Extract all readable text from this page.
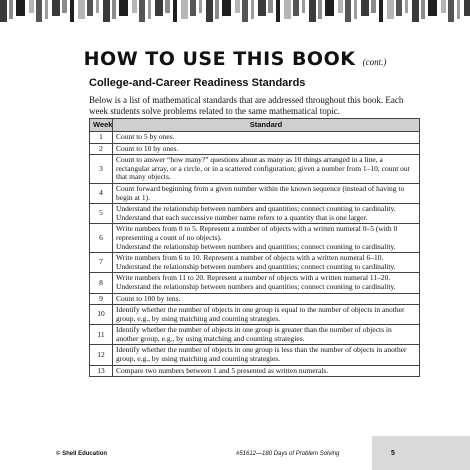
HOW TO USE THIS BOOK (cont.)
College-and-Career Readiness Standards
Below is a list of mathematical standards that are addressed throughout this book. Each week students solve problems related to the same mathematical topic.
Week	Standard
1	Count to 5 by ones.

2	Count to 10 by ones.

3	Count to answer “how many?” questions about as many as 10 things arranged in a line, a rectangular array, or a circle, or in a scattered configuration; given a number from 1–10, count out that many objects.

4	Count forward beginning from a given number within the known sequence (instead of having to begin at 1).

5	Understand the relationship between numbers and quantities; connect counting to cardinality.
Understand that each successive number name refers to a quantity that is one larger.

6	Write numbers from 0 to 5. Represent a number of objects with a written numeral 0–5 (with 0 representing a count of no objects).
Understand the relationship between numbers and quantities; connect counting to cardinality.

7	Write numbers from 6 to 10. Represent a number of objects with a written numeral 6–10.
Understand the relationship between numbers and quantities; connect counting to cardinality.

8	Write numbers from 11 to 20. Represent a number of objects with a written numeral 11–20.
Understand the relationship between numbers and quantities; connect counting to cardinality.

9	Count to 100 by tens.

10	Identify whether the number of objects in one group is equal to the number of objects in another group, e.g., by using matching and counting strategies.

11	Identify whether the number of objects in one group is greater than the number of objects in another group, e.g., by using matching and counting strategies.

12	Identify whether the number of objects in one group is less than the number of objects in another group, e.g., by using matching and counting strategies.

13	Compare two numbers between 1 and 5 presented as written numerals.
© Shell Education	#51612—180 Days of Problem Solving	5
